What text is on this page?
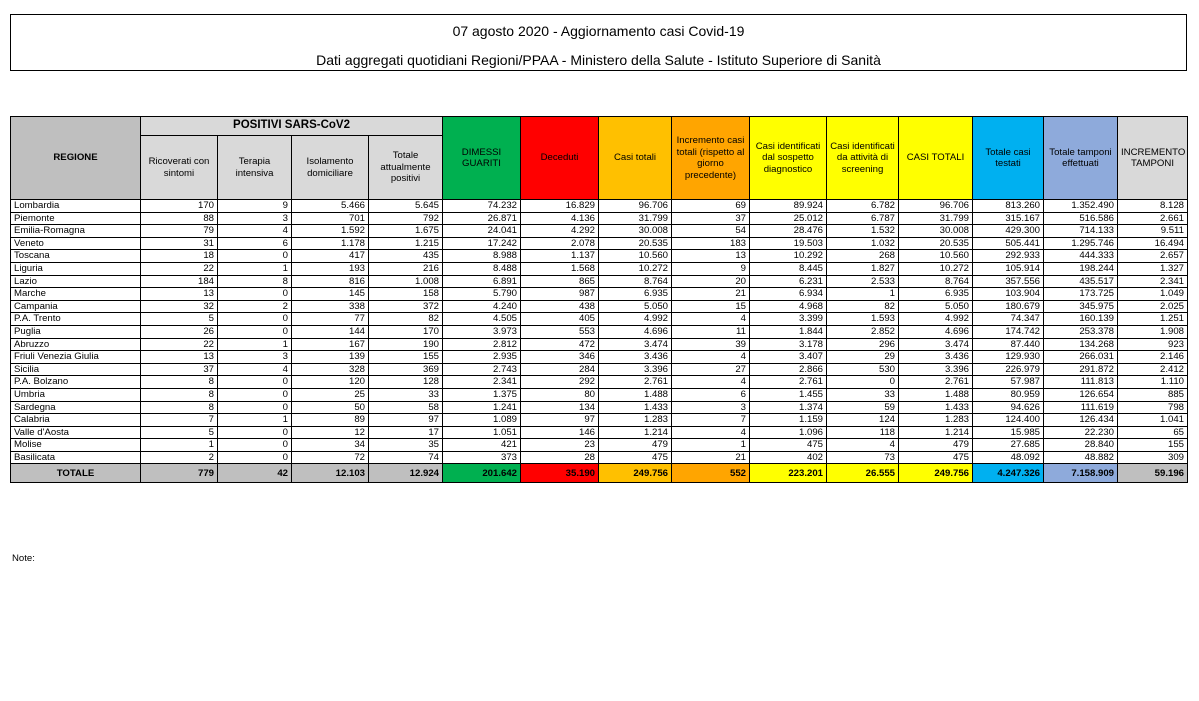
07 agosto 2020 - Aggiornamento casi Covid-19
Dati aggregati quotidiani Regioni/PPAA - Ministero della Salute - Istituto Superiore di Sanità
REGIONE	POSITIVI SARS-CoV2				DIMESSI GUARITI	Deceduti	Casi totali	Incremento casi totali (rispetto al giorno precedente)	Casi identificati dal sospetto diagnostico	Casi identificati da attività di screening	CASI TOTALI	Totale casi testati	Totale tamponi effettuati	INCREMENTO TAMPONI
	Ricoverati con sintomi	Terapia intensiva	Isolamento domiciliare	Totale attualmente positivi										
Lombardia	170	9	5.466	5.645	74.232	16.829	96.706	69	89.924	6.782	96.706	813.260	1.352.490	8.128
Piemonte	88	3	701	792	26.871	4.136	31.799	37	25.012	6.787	31.799	315.167	516.586	2.661
Emilia-Romagna	79	4	1.592	1.675	24.041	4.292	30.008	54	28.476	1.532	30.008	429.300	714.133	9.511
Veneto	31	6	1.178	1.215	17.242	2.078	20.535	183	19.503	1.032	20.535	505.441	1.295.746	16.494
Toscana	18	0	417	435	8.988	1.137	10.560	13	10.292	268	10.560	292.933	444.333	2.657
Liguria	22	1	193	216	8.488	1.568	10.272	9	8.445	1.827	10.272	105.914	198.244	1.327
Lazio	184	8	816	1.008	6.891	865	8.764	20	6.231	2.533	8.764	357.556	435.517	2.341
Marche	13	0	145	158	5.790	987	6.935	21	6.934	1	6.935	103.904	173.725	1.049
Campania	32	2	338	372	4.240	438	5.050	15	4.968	82	5.050	180.679	345.975	2.025
P.A. Trento	5	0	77	82	4.505	405	4.992	4	3.399	1.593	4.992	74.347	160.139	1.251
Puglia	26	0	144	170	3.973	553	4.696	11	1.844	2.852	4.696	174.742	253.378	1.908
Abruzzo	22	1	167	190	2.812	472	3.474	39	3.178	296	3.474	87.440	134.268	923
Friuli Venezia Giulia	13	3	139	155	2.935	346	3.436	4	3.407	29	3.436	129.930	266.031	2.146
Sicilia	37	4	328	369	2.743	284	3.396	27	2.866	530	3.396	226.979	291.872	2.412
P.A. Bolzano	8	0	120	128	2.341	292	2.761	4	2.761	0	2.761	57.987	111.813	1.110
Umbria	8	0	25	33	1.375	80	1.488	6	1.455	33	1.488	80.959	126.654	885
Sardegna	8	0	50	58	1.241	134	1.433	3	1.374	59	1.433	94.626	111.619	798
Calabria	7	1	89	97	1.089	97	1.283	7	1.159	124	1.283	124.400	126.434	1.041
Valle d'Aosta	5	0	12	17	1.051	146	1.214	4	1.096	118	1.214	15.985	22.230	65
Molise	1	0	34	35	421	23	479	1	475	4	479	27.685	28.840	155
Basilicata	2	0	72	74	373	28	475	21	402	73	475	48.092	48.882	309
TOTALE	779	42	12.103	12.924	201.642	35.190	249.756	552	223.201	26.555	249.756	4.247.326	7.158.909	59.196
Note:
